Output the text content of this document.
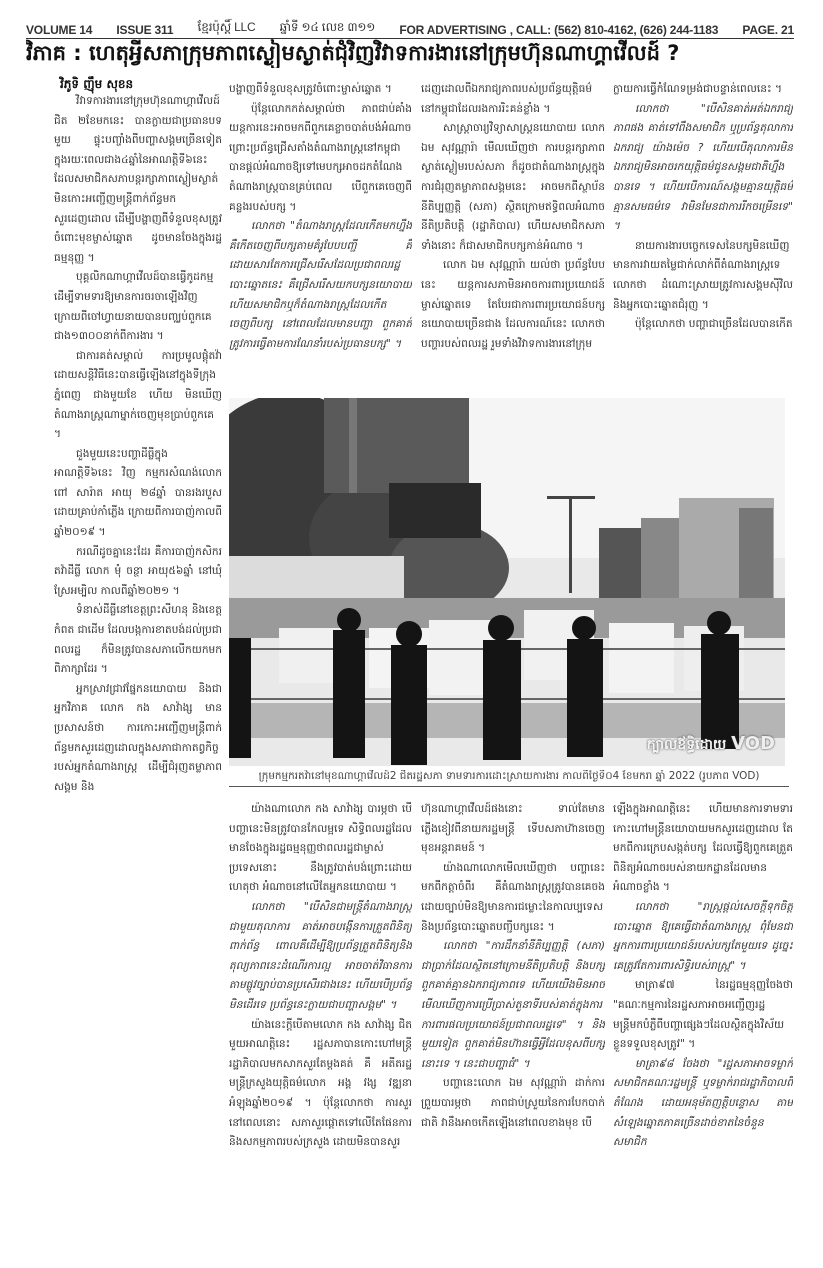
VOLUME 14 ISSUE 311 ខ្មែរប៉ុស្តិ៍ LLC ឆ្នាំទី ១៤ លេខ ៣១១ FOR ADVERTISING , CALL: (562) 810-4162, (626) 244-1183 PAGE. 21
វិភាគ : ហេតុអ្វីសភាក្រុមភាពស្ងៀមស្ងាត់ជុំវិញវិវាទការងារនៅក្រុមហ៊ុនណាហ្គាវើលដ៍ ?
វិភូទិ ញ៉ឹម សុខន

វិវាទការងារនៅក្រុមហ៊ុនណាហ្គាវើលដ៍ជិត ២ខែមកនេះ បានក្លាយជាប្រធានបទមួយ ផ្ទុះបញ្ចាំងពីបញ្ហាសង្គមច្រើនទៀត ក្នុងរយៈពេលជាង៤ឆ្នាំនៃអាណត្តិទី៦នេះ ដែលសមាជិកសភាបន្តរក្សាភាពស្ងៀមស្ងាត់ មិនកោះអញ្ជើញមន្ត្រីពាក់ព័ន្ធមកសួរដេញដោល ដើម្បីបង្ហាញពីទំនួលខុសត្រូវចំពោះមុខម្ចាស់ឆ្នោត ដូចមានចែងក្នុងរដ្ឋធម្មនុញ្ញ ។

បុគ្គលិកណាហ្គាវើលដ៍បានធ្វើកូដកម្ម ដើម្បីទាមទារឱ្យមានការចរចាឡើងវិញ ក្រោយពីចៅហ្វាយនាយបានបញ្ឈប់ពួកគេជាង១៣០០នាក់ពីការងារ ។

ជាការគត់សម្គាល់ ការប្រមូលផ្តុំតវ៉ាដោយសន្តិវិធីនេះបានធ្វើឡើងនៅក្នុងទីក្រុងភ្នំពេញ ជាងមួយខែ ហើយ មិនឃើញតំណាងរាស្ត្រណាម្នាក់ចេញមុខប្រាប់ពួកគេ ។

ជួងមួយនេះបញ្ហាដីធ្លីក្នុងអាណត្តិទី៦នេះ វិញ កម្មករសំណង់លោក ពៅ សារ៉ាត អាយុ ២៨ឆ្នាំ បានរងរបួសដោយគ្រាប់កាំភ្លើង ក្រោយពីការបាញ់កាលពីឆ្នាំ២០១៩ ។

ករណីដូចគ្នានេះដែរ គឺការបាញ់កសិករតវ៉ាដីធ្លី លោក ម៉ំ ចន្ថា អាយុ៥៦ឆ្នាំ នៅឃុំស្រែអម្បិល កាលពីឆ្នាំ២០២១ ។

ទំនាស់ដីធ្លីនៅខេត្តព្រះសីហនុ និងខេត្តកំពត ជាដើម ដែលបង្កការខាតបង់ដល់ប្រជាពលរដ្ឋ ក៏មិនត្រូវបានសភាលើកយកមកពិភាក្សាដែរ ។

អ្នកស្រាវជ្រាវផ្នែកនយោបាយ និងជាអ្នកវិភាគ លោក កង សាវ៉ាង្ស មានប្រសាសន៍ថា ការកោះអញ្ជើញមន្ត្រីពាក់ព័ន្ធមកសួរដេញដោលក្នុងសភាជាកាតព្វកិច្ចរបស់អ្នកតំណាងរាស្ត្រ ដើម្បីជំរុញតម្លាភាពសង្គម និង

បង្ហាញពីទំនួលខុសត្រូវចំពោះម្ចាស់ឆ្នោត ។

ប៉ុន្តែលោកកត់សម្គាល់ថា ភាពជាប់គាំងយន្តការនេះអាចមកពីពួកគេខ្លាចបាត់បង់អំណាច ព្រោះប្រព័ន្ធជ្រើសតាំងតំណាងរាស្ត្រនៅកម្ពុជាបានផ្តល់អំណាចឱ្យទៅមេបក្សអាចដកតំណែងតំណាងរាស្ត្របានគ្រប់ពេល បើពួកគេចេញពីគន្លងរបស់បក្ស ។

លោកថា "តំណាងរាស្ត្រដែលកើតមកហ្នឹង គឺកើតចេញពីបក្សតាមគំរូបែបបញ្ជី គឺដោយសារតែការជ្រើសរើសដែលប្រជាពលរដ្ឋបោះឆ្នោតនេះ គឺជ្រើសរើសយកបក្សនយោបាយ ហើយសមាជិកឬក៏តំណាងរាស្ត្រដែលកើតចេញពីបក្ស នៅពេលដែលមានបញ្ហា ពួកគាត់ត្រូវការធ្វើតាមការណែនាំរបស់ប្រធានបក្ស" ។

ដេញដោលពីឯករាជ្យភាពរបស់ប្រព័ន្ធយុត្តិធម៌នៅកម្ពុជាដែលរងការរិះគន់ខ្លាំង ។

សាស្ត្រាចារ្យវិទ្យាសាស្ត្រនយោបាយ លោក ឯម សុវណ្ណារ៉ា មើលឃើញថា ការបន្តរក្សាភាពស្ងាត់ស្ងៀមរបស់សភា ក៏ដូចជាតំណាងរាស្ត្រក្នុងការជំរុញតម្លាភាពសង្គមនេះ អាចមកពីស្ថាប័ននីតិប្បញ្ញត្តិ (សភា) ស្ថិតក្រោមឥទ្ធិពលអំណាចនីតិប្រតិបត្តិ (រដ្ឋាភិបាល) ហើយសមាជិកសភាទាំងនោះ ក៏ជាសមាជិកបក្សកាន់អំណាច ។

លោក ឯម សុវណ្ណារ៉ា យល់ថា ប្រព័ន្ធបែបនេះ យន្តការសភាមិនអាចការពារប្រយោជន៍ម្ចាស់ឆ្នោតទេ តែបែរជាការពារប្រយោជន៍បក្សនយោបាយច្រើនជាង ដែលការណ៍នេះ លោកថា បញ្ហារបស់ពលរដ្ឋ រួមទាំងវិវាទការងារនៅក្រុម

ក្លាយការធ្វើកំណែទម្រង់ជាបន្ទាន់ពេលនេះ ។

លោកថា "បើសិនគាត់អត់ឯករាជ្យភាពផង គាត់ទៅពឹងសមាជិក ឬប្រព័ន្ធតុលាការឯករាជ្យ យ៉ាងម៉េច ? ហើយបើតុលាការមិនឯករាជ្យមិនអាចរកយុត្តិធម៌ជូនសង្គមជាតិហ្នឹងបានទេ ។ ហើយបើការណ៍សង្គមគ្មានយុត្តិធម៌ គ្មានសមធម៌ទេ វាមិនមែនជាការរីកចម្រើនទេ" ។

នាយការងារបច្ចេកទេសនៃបក្សមិនឃើញមានការវាយតម្លៃជាក់លាក់ពីតំណាងរាស្ត្រទេ លោកថា ដំណោះស្រាយត្រូវការសង្គមស៊ីវិល និងអ្នកបោះឆ្នោតជំរុញ ។

ប៉ុន្តែលោកថា បញ្ហាជាច្រើនដែលបានកើត

ក្បាលឪទ្ធិដោយ VOD
ក្រុមកម្មករតវ៉ានៅមុខណាហ្គាវើលដ៍2 ជិតរដ្ឋសភា ទាមទារការដោះស្រាយការងារ កាលពីថ្ងៃទី០4 ខែមករា ឆ្នាំ 2022 (រូបភាព VOD)

យ៉ាងណាលោក កង សាវ៉ាង្ស បារម្ភថា បើបញ្ហានេះមិនត្រូវបានកែលម្អទេ សិទ្ធិពលរដ្ឋដែលមានចែងក្នុងរដ្ឋធម្មនុញ្ញថាពលរដ្ឋជាម្ចាស់ប្រទេសនោះ នឹងត្រូវបាត់បង់ព្រោះដោយហេតុថា អំណាចនៅលើតែអ្នកនយោបាយ ។

លោកថា "បើសិនជាមន្ត្រីតំណាងរាស្ត្រជាមួយតុលាការ គាត់អាចបង្កើនការត្រួតពិនិត្យ ពាក់ព័ន្ធ ពោលគឺដើម្បីឱ្យប្រព័ន្ធត្រួតពិនិត្យនិងតុល្យភាពនេះដំណើរការល្អ អាចចាត់វិធានការតាមផ្លូវច្បាប់បានប្រសើរជាងនេះ ហើយបើប្រព័ន្ធមិនដើរទេ ប្រព័ន្ធនេះក្លាយជាបញ្ហាសង្គម" ។

យ៉ាងនេះក្តីបើតាមលោក កង សាវ៉ាង្ស ជិតមួយអាណត្តិនេះ រដ្ឋសភាបានកោះហៅមន្ត្រីរដ្ឋាភិបាលមកសាកសួរតែម្តងគត់ គឺ អតីតរដ្ឋមន្ត្រីក្រសួងយុត្តិធម៌លោក អង្គ វង្ស វឌ្ឍនា អំឡុងឆ្នាំ២០១៩ ។ ប៉ុន្តែលោកថា ការសួរនៅពេលនោះ សភាសួរផ្តោតទៅលើតែផែនការ និងសកម្មភាពរបស់ក្រសួង ដោយមិនបានសួរ

ហ៊ុនណាហ្គាវើលដ៍ផងនោះ ទាល់តែមានភ្លើងខៀវពីនាយករដ្ឋមន្ត្រី ទើបសភាហ៊ានចេញមុខអន្តរាគមន៍ ។

យ៉ាងណាលោកមើលឃើញថា បញ្ហានេះមកពីកត្តាចំពីរ គឺតំណាងរាស្ត្រត្រូវបានគេចងដោយច្បាប់មិនឱ្យមានការជម្លោះនៃកាលប្បទេស និងប្រព័ន្ធបោះឆ្នោតបញ្ជីបក្សនេះ ។

លោកថា "ការដឹកនាំនីតិប្បញ្ញត្តិ (សភា) ជាប្រាក់ដែលស្ថិតនៅក្រោមនីតិប្រតិបត្តិ និងបក្ស ពួកគាត់គ្មានឯករាជ្យភាពទេ ហើយយើងមិនអាចមើលឃើញការប្រើប្រាស់តួនាទីរបស់គាត់ក្នុងការការពារផលប្រយោជន៍ប្រជាពលរដ្ឋទេ" ។ និងមួយទៀត ពួកគាត់មិនហ៊ានធ្វើអ្វីដែលខុសពីបក្សនោះទេ ។ នេះជាបញ្ហាធំ" ។

បញ្ហានេះលោក ឯម សុវណ្ណារ៉ា ដាក់ការព្រួយបារម្ភថា ភាពជាប់ស្រួយនៃការបែកបាក់ជាតិ វានឹងអាចកើតឡើងនៅពេលខាងមុខ បើ

ឡើងក្នុងអាណត្តិនេះ ហើយមានការទាមទារកោះហៅមន្ត្រីនយោបាយមកសួរដេញដោល តែមកពីការក្រេបសង្កត់បក្ស ដែលធ្វើឱ្យពួកគេត្រួតពិនិត្យអំណាចរបស់នាយកដ្ឋានដែលមានអំណាចខ្លាំង ។

លោកថា "រាស្ត្រផ្តល់សេចក្តីទុកចិត្តបោះឆ្នោត ឱ្យគេធ្វើជាតំណាងរាស្ត្រ ពុំមែនជាអ្នកការពារប្រយោជន៍របស់បក្សតែមួយទេ ដូច្នេះគេត្រូវតែការពារសិទ្ធិរបស់រាស្ត្រ" ។

មាត្រា៩៧ នៃរដ្ឋធម្មនុញ្ញចែងថា "គណៈកម្មការនៃរដ្ឋសភាអាចអញ្ជើញរដ្ឋមន្ត្រីមកបំភ្លឺពីបញ្ហាផ្សេងៗដែលស្ថិតក្នុងវិស័យខ្លួនទទួលខុសត្រូវ" ។

មាត្រា៩៨ ចែងថា "រដ្ឋសភាអាចទម្លាក់សមាជិកគណៈរដ្ឋមន្ត្រី ឬទម្លាក់រាជរដ្ឋាភិបាលពីតំណែង ដោយអនុម័តញត្តិបន្ទោស តាមសំឡេងឆ្នោតភាគច្រើនដាច់ខាតនៃចំនួនសមាជិក
